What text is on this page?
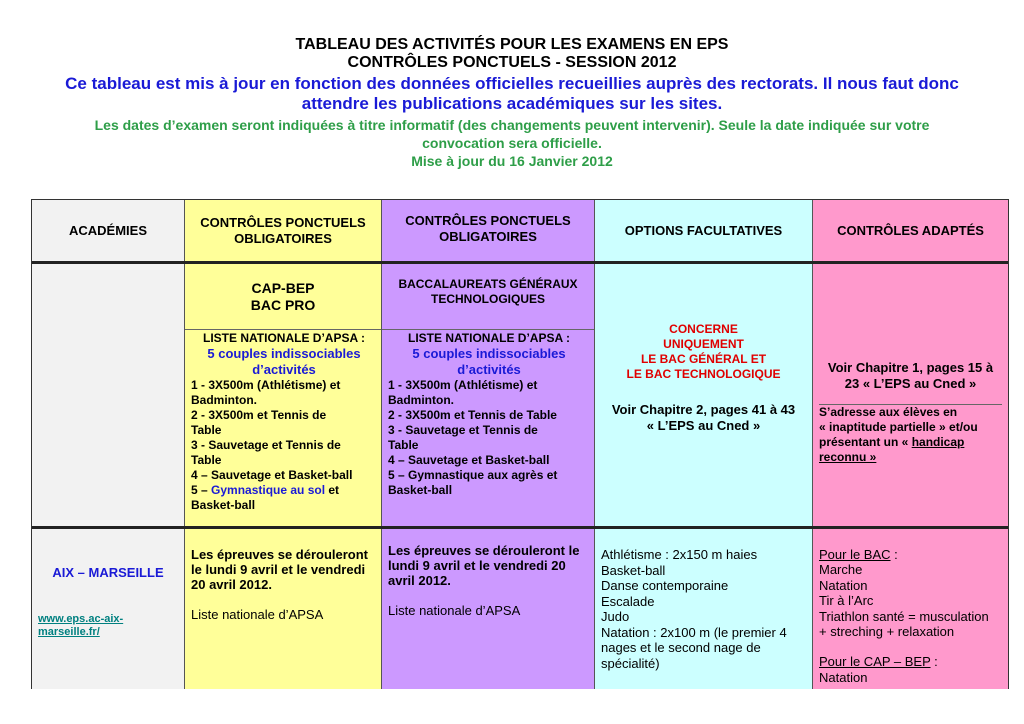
TABLEAU DES ACTIVITÉS POUR LES EXAMENS EN EPS
CONTRÔLES PONCTUELS - SESSION 2012
Ce tableau est mis à jour en fonction des données officielles recueillies auprès des rectorats. Il nous faut donc
attendre les publications académiques sur les sites.
Les dates d’examen seront indiquées à titre informatif (des changements peuvent intervenir). Seule la date indiquée sur votre
convocation sera officielle.
Mise à jour du 16 Janvier 2012
ACADÉMIES
CONTRÔLES PONCTUELS
OBLIGATOIRES
CONTRÔLES PONCTUELS
OBLIGATOIRES	OPTIONS FACULTATIVES	CONTRÔLES ADAPTÉS
CAP-BEP
BAC PRO
LISTE NATIONALE D’APSA :
5 couples indissociables
d’activités
1 - 3X500m (Athlétisme) et
Badminton.
2 - 3X500m et Tennis de
Table
3 - Sauvetage et Tennis de
Table
4 – Sauvetage et Basket-ball
5 – Gymnastique au sol et
Basket-ball
BACCALAUREATS GÉNÉRAUX
TECHNOLOGIQUES
LISTE NATIONALE D’APSA :
5 couples indissociables
d’activités
1 - 3X500m (Athlétisme) et
Badminton.
2 - 3X500m et Tennis de Table
3 - Sauvetage et Tennis de
Table
4 – Sauvetage et Basket-ball
5 – Gymnastique aux agrès et
Basket-ball
CONCERNE
UNIQUEMENT
LE BAC GÉNÉRAL ET
LE BAC TECHNOLOGIQUE
Voir Chapitre 2, pages 41 à 43
« L’EPS au Cned »
Voir Chapitre 1, pages 15 à
23 « L’EPS au Cned »
S’adresse aux élèves en
« inaptitude partielle » et/ou
présentant un « handicap
reconnu »
AIX – MARSEILLE
www.eps.ac-aix-
marseille.fr/
Les épreuves se dérouleront
le lundi 9 avril et le vendredi
20 avril 2012.
Liste nationale d’APSA
Les épreuves se dérouleront le
lundi 9 avril et le vendredi 20
avril 2012.
Liste nationale d’APSA
Athlétisme : 2x150 m haies
Basket-ball
Danse contemporaine
Escalade
Judo
Natation : 2x100 m (le premier 4
nages et le second nage de
spécialité)
Pour le BAC :
Marche
Natation
Tir à l’Arc
Triathlon santé = musculation
+ streching + relaxation
Pour le CAP – BEP :
Natation
